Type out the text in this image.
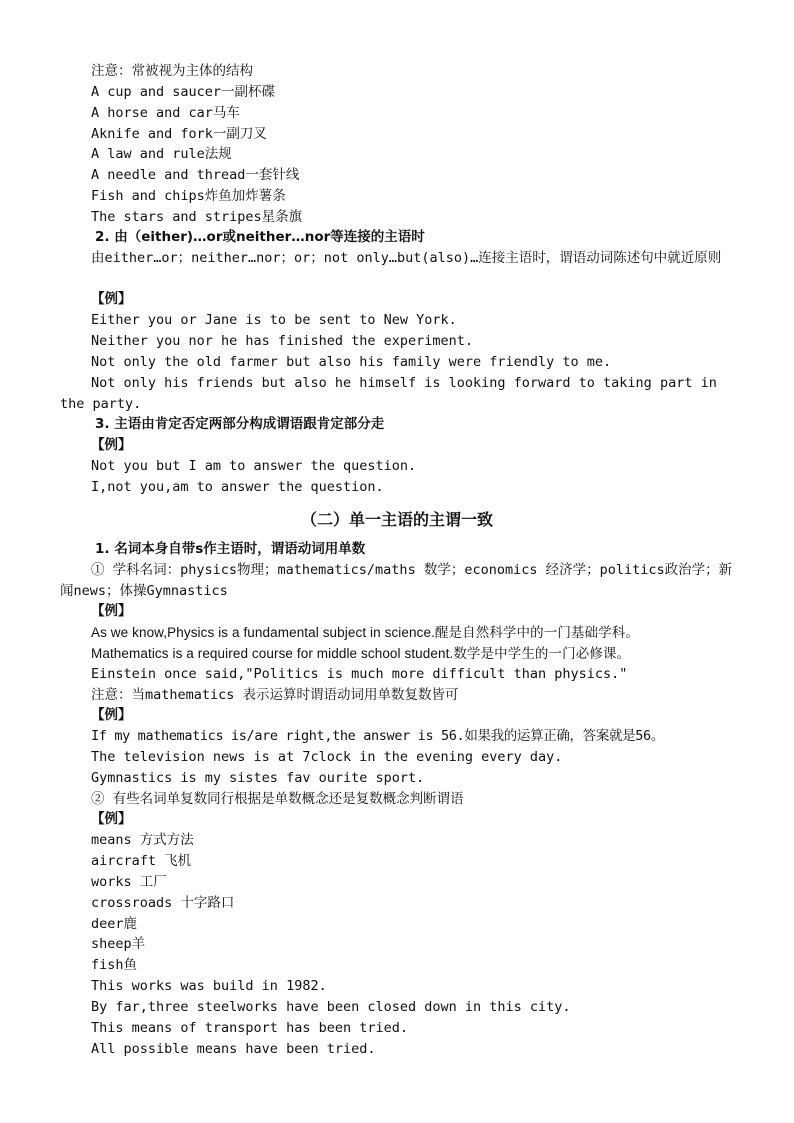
注意：常被视为主体的结构
A cup and saucer一副杯碟
A horse and car马车
Aknife and fork一副刀叉
A law and rule法规
A needle and thread一套针线
Fish and chips炸鱼加炸薯条
The stars and stripes星条旗
2. 由（either)…or或neither…nor等连接的主语时
由either…or；neither…nor；or；not only…but(also)…连接主语时，谓语动词陈述句中就近原则
【例】
Either you or Jane is to be sent to New York.
Neither you nor he has finished the experiment.
Not only the old farmer but also his family were friendly to me.
Not only his friends but also he himself is looking forward to taking part in the party.
3. 主语由肯定否定两部分构成谓语跟肯定部分走
【例】
Not you but I am to answer the question.
I,not you,am to answer the question.
（二）单一主语的主谓一致
1. 名词本身自带s作主语时，谓语动词用单数
① 学科名词：physics物理；mathematics/maths 数学；economics 经济学；politics政治学；新闻news；体操Gymnastics
【例】
As we know,Physics is a fundamental subject in science.醒是自然科学中的一门基础学科。
Mathematics is a required course for middle school student.数学是中学生的一门必修课。
Einstein once said,"Politics is much more difficult than physics."
注意：当mathematics 表示运算时谓语动词用单数复数皆可
【例】
If my mathematics is/are right,the answer is 56.如果我的运算正确，答案就是56。
The television news is at 7clock in the evening every day.
Gymnastics is my sistes fav ourite sport.
② 有些名词单复数同行根据是单数概念还是复数概念判断谓语
【例】
means 方式方法
aircraft 飞机
works 工厂
crossroads 十字路口
deer鹿
sheep羊
fish鱼
This works was build in 1982.
By far,three steelworks have been closed down in this city.
This means of transport has been tried.
All possible means have been tried.
